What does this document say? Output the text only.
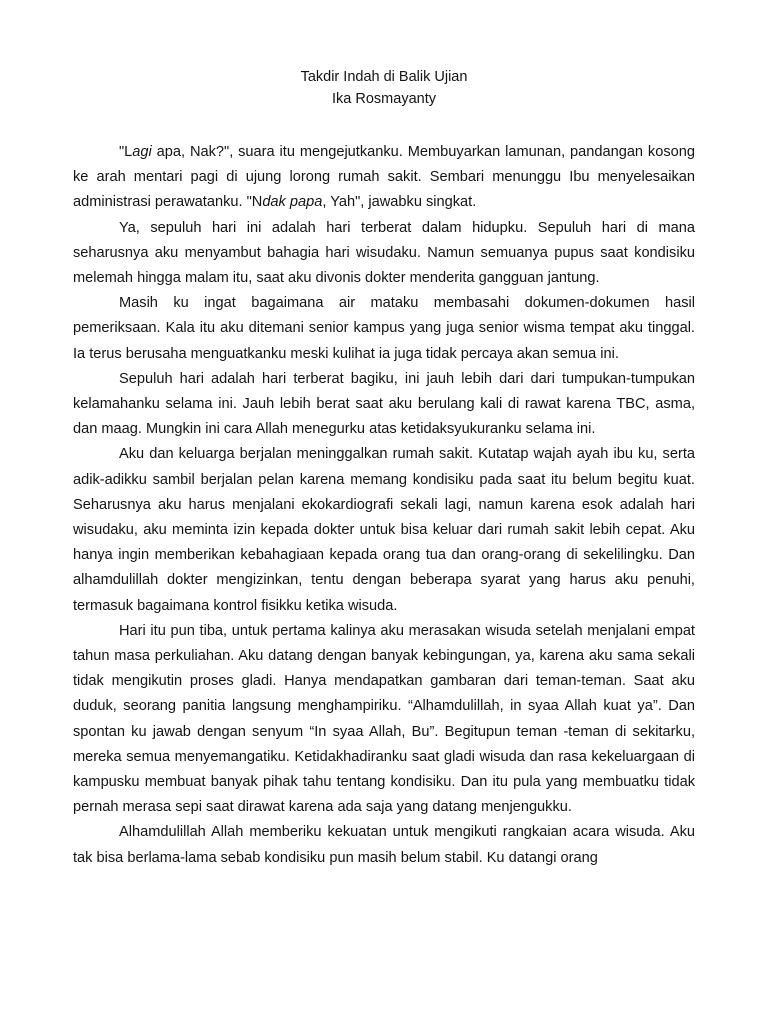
Takdir Indah di Balik Ujian

Ika Rosmayanty

"Lagi apa, Nak?", suara itu mengejutkanku. Membuyarkan lamunan, pandangan kosong ke arah mentari pagi di ujung lorong rumah sakit. Sembari menunggu Ibu menyelesaikan administrasi perawatanku. "Ndak papa, Yah", jawabku singkat.

Ya, sepuluh hari ini adalah hari terberat dalam hidupku. Sepuluh hari di mana seharusnya aku menyambut bahagia hari wisudaku. Namun semuanya pupus saat kondisiku melemah hingga malam itu, saat aku divonis dokter menderita gangguan jantung.

Masih ku ingat bagaimana air mataku membasahi dokumen-dokumen hasil pemeriksaan. Kala itu aku ditemani senior kampus yang juga senior wisma tempat aku tinggal. Ia terus berusaha menguatkanku meski kulihat ia juga tidak percaya akan semua ini.

Sepuluh hari adalah hari terberat bagiku, ini jauh lebih dari dari tumpukan-tumpukan kelamahanku selama ini. Jauh lebih berat saat aku berulang kali di rawat karena TBC, asma, dan maag. Mungkin ini cara Allah menegurku atas ketidaksyukuranku selama ini.

Aku dan keluarga berjalan meninggalkan rumah sakit. Kutatap wajah ayah ibu ku, serta adik-adikku sambil berjalan pelan karena memang kondisiku pada saat itu belum begitu kuat. Seharusnya aku harus menjalani ekokardiografi sekali lagi, namun karena esok adalah hari wisudaku, aku meminta izin kepada dokter untuk bisa keluar dari rumah sakit lebih cepat. Aku hanya ingin memberikan kebahagiaan kepada orang tua dan orang-orang di sekelilingku. Dan alhamdulillah dokter mengizinkan, tentu dengan beberapa syarat yang harus aku penuhi, termasuk bagaimana kontrol fisikku ketika wisuda.

Hari itu pun tiba, untuk pertama kalinya aku merasakan wisuda setelah menjalani empat tahun masa perkuliahan. Aku datang dengan banyak kebingungan, ya, karena aku sama sekali tidak mengikutin proses gladi. Hanya mendapatkan gambaran dari teman-teman. Saat aku duduk, seorang panitia langsung menghampiriku. “Alhamdulillah, in syaa Allah kuat ya”. Dan spontan ku jawab dengan senyum “In syaa Allah, Bu”. Begitupun teman -teman di sekitarku, mereka semua menyemangatiku. Ketidakhadiranku saat gladi wisuda dan rasa kekeluargaan di kampusku membuat banyak pihak tahu tentang kondisiku. Dan itu pula yang membuatku tidak pernah merasa sepi saat dirawat karena ada saja yang datang menjengukku.

Alhamdulillah Allah memberiku kekuatan untuk mengikuti rangkaian acara wisuda. Aku tak bisa berlama-lama sebab kondisiku pun masih belum stabil. Ku datangi orang
